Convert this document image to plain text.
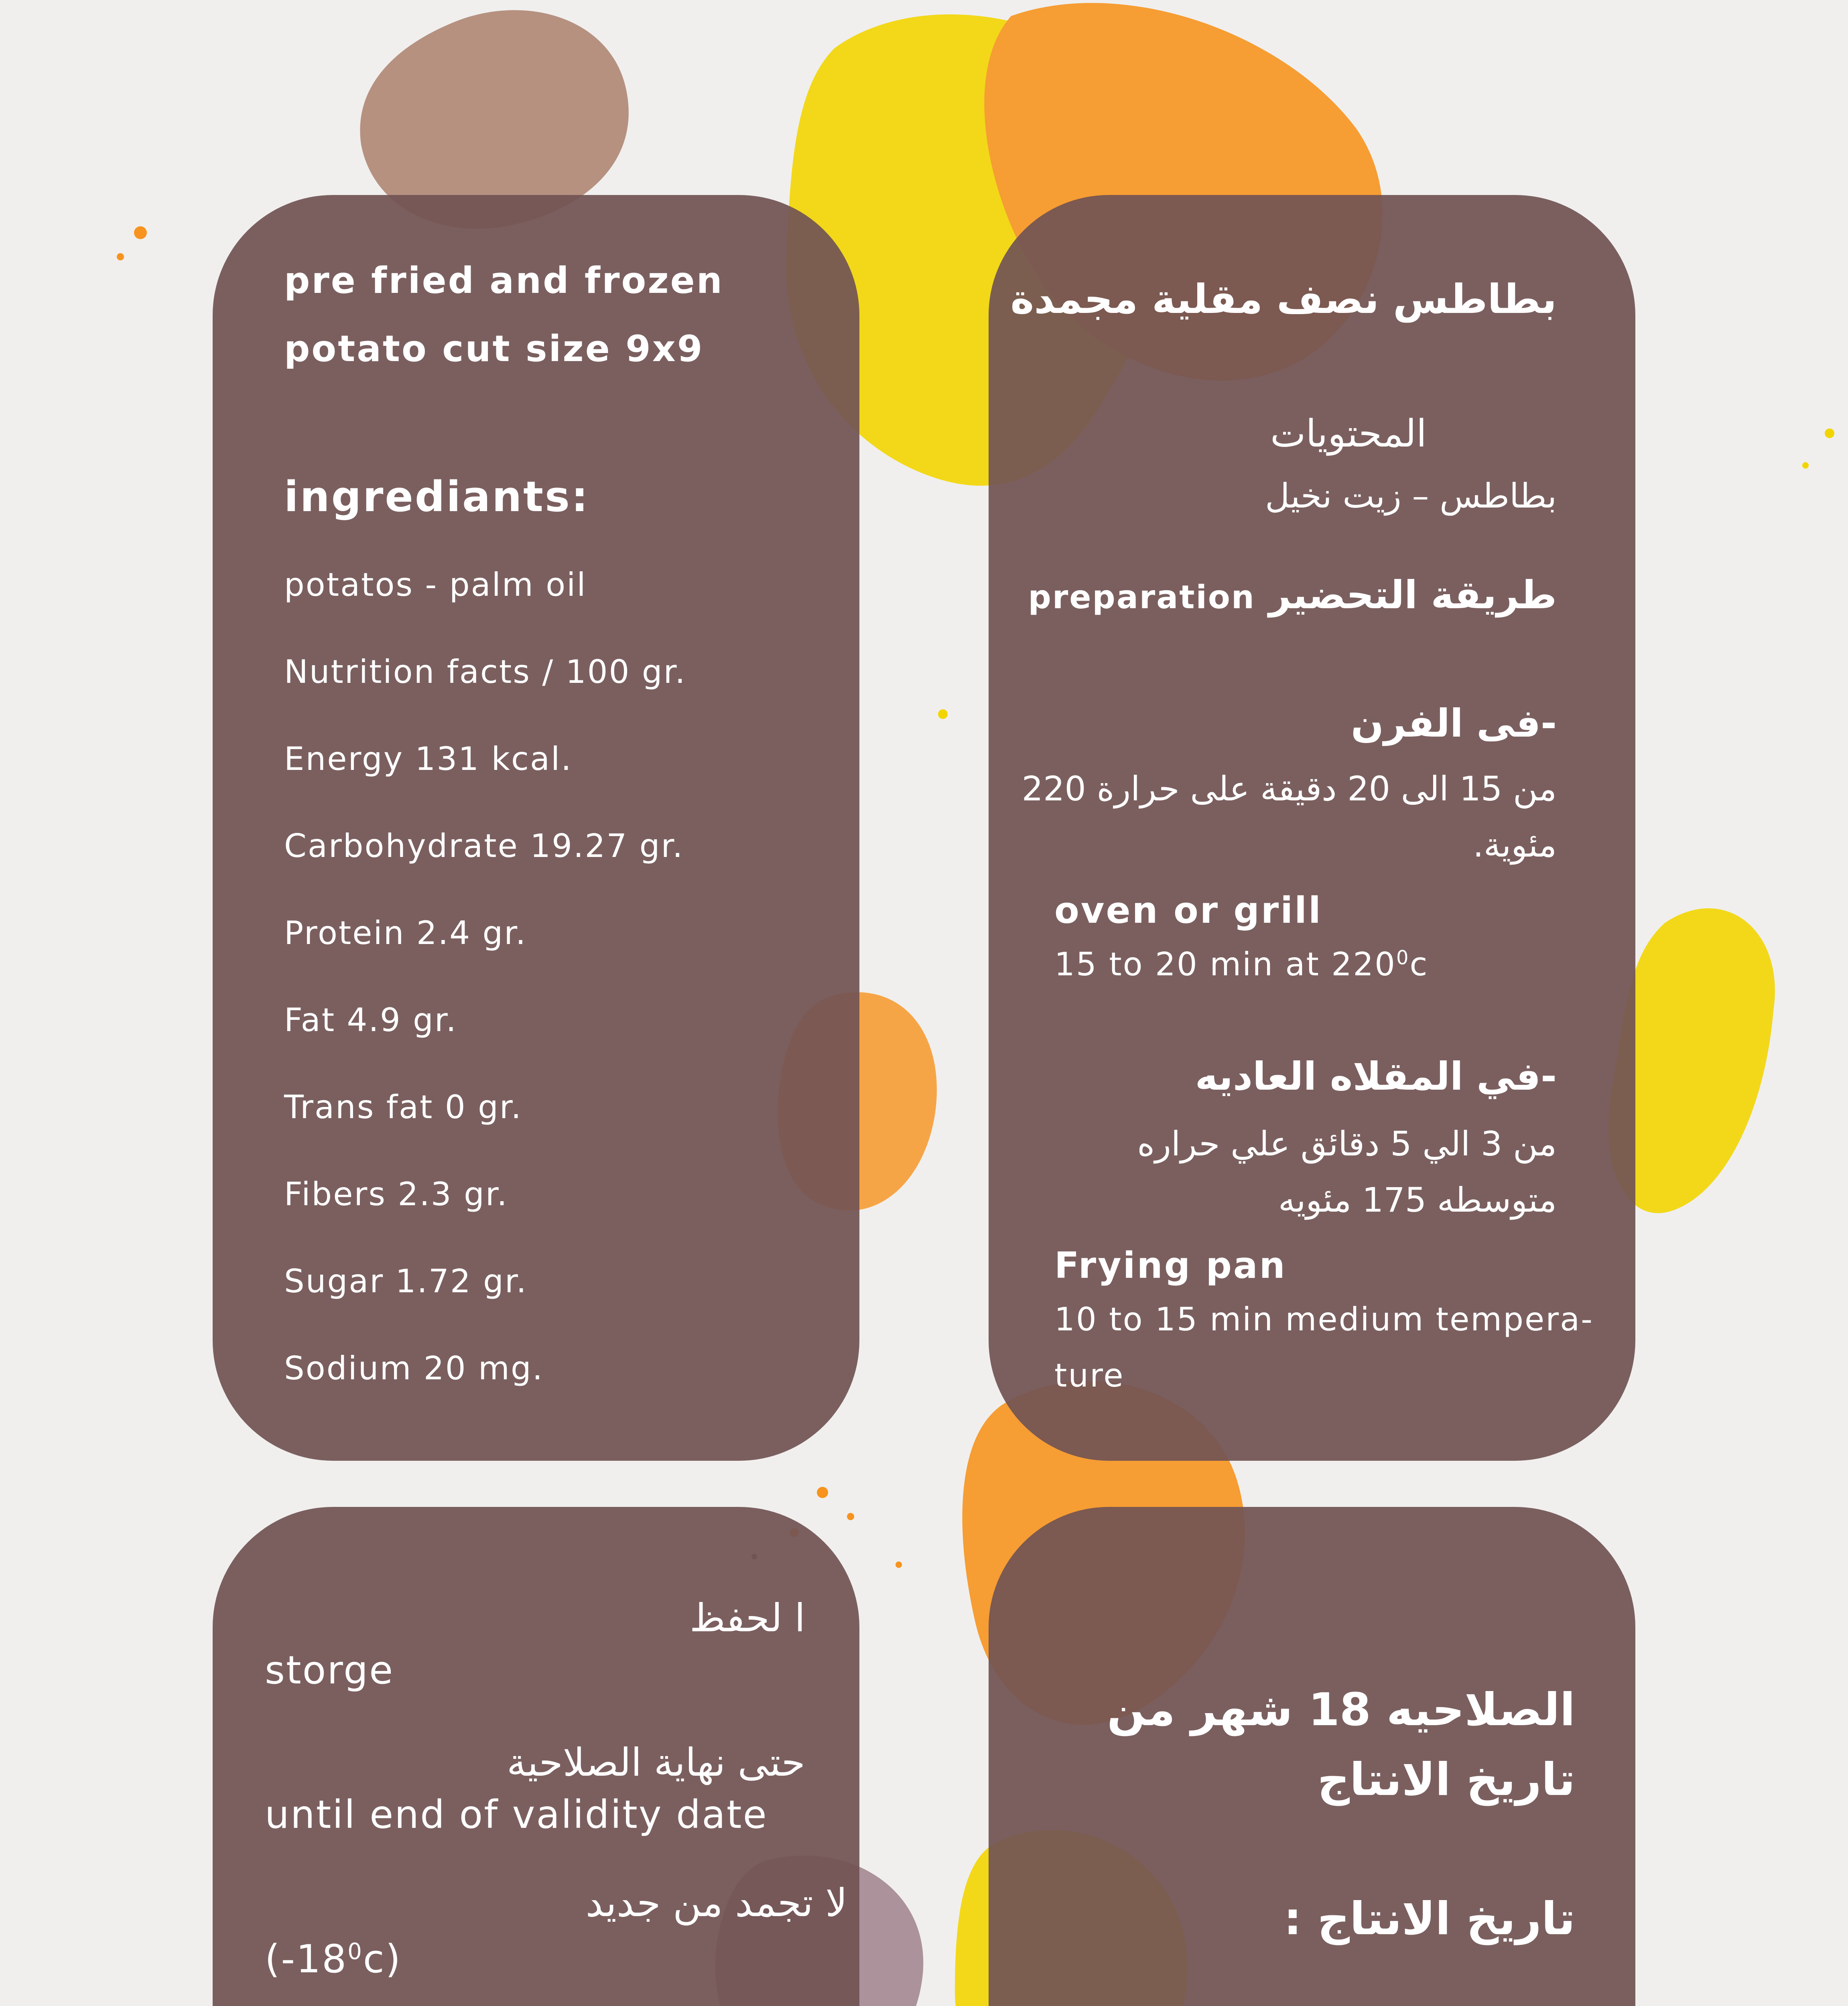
pre fried and frozen
potato cut size 9x9
ingrediants:
potatos - palm oil
Nutrition facts / 100 gr.
Energy 131 kcal.
Carbohydrate 19.27 gr.
Protein 2.4 gr.
Fat 4.9 gr.
Trans fat 0 gr.
Fibers 2.3 gr.
Sugar 1.72 gr.
Sodium 20 mg.
بطاطس نصف مقلية مجمدة
المحتويات
بطاطس – زيت نخيل
طريقة التحضير preparation
-فى الفرن
من 15 الى 20 دقيقة على حرارة 220
مئوية.
oven or grill
15 to 20 min at $220^0c$
-في المقلاه العاديه
من 3 الي 5 دقائق علي حراره
متوسطه 175 مئويه
Frying pan
10 to 15 min medium tempera-
ture
ا لحفظ
storge
حتى نهاية الصلاحية
until end of validity date
لا تجمد من جديد
$(-18^0c)$
الصلاحيه 18 شهر من تاريخ الانتاج
تاريخ الانتاج :
